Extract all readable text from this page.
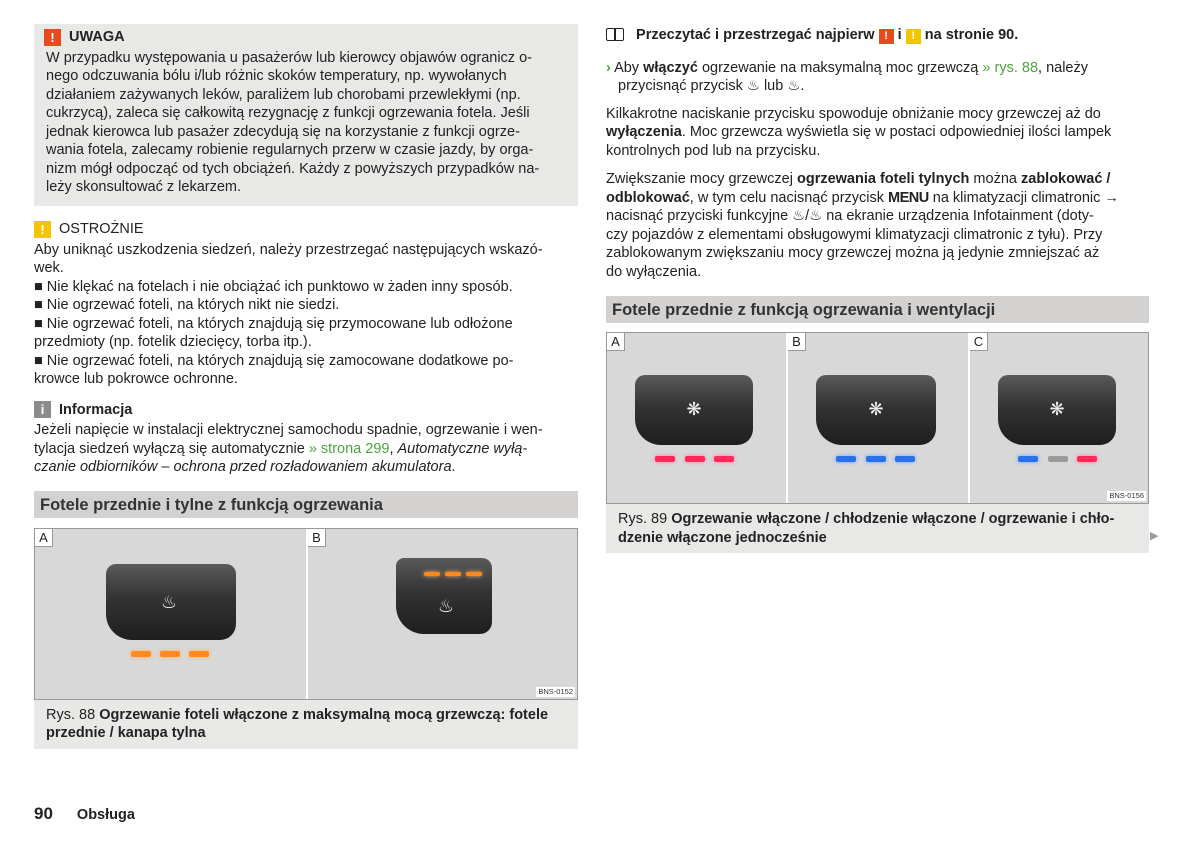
! UWAGA
W przypadku występowania u pasażerów lub kierowcy objawów ogranicz o-
nego odczuwania bólu i/lub różnic skoków temperatury, np. wywołanych
działaniem zażywanych leków, paraliżem lub chorobami przewlekłymi (np.
cukrzycą), zaleca się całkowitą rezygnację z funkcji ogrzewania fotela. Jeśli
jednak kierowca lub pasażer zdecydują się na korzystanie z funkcji ogrze-
wania fotela, zalecamy robienie regularnych przerw w czasie jazdy, by orga-
nizm mógł odpocząć od tych obciążeń. Każdy z powyższych przypadków na-
leży skonsultować z lekarzem.
! OSTROŻNIE
Aby uniknąć uszkodzenia siedzeń, należy przestrzegać następujących wskazó-
wek.
■ Nie klękać na fotelach i nie obciążać ich punktowo w żaden inny sposób.
■ Nie ogrzewać foteli, na których nikt nie siedzi.
■ Nie ogrzewać foteli, na których znajdują się przymocowane lub odłożone
przedmioty (np. fotelik dziecięcy, torba itp.).
■ Nie ogrzewać foteli, na których znajdują się zamocowane dodatkowe po-
krowce lub pokrowce ochronne.
i	Informacja
Jeżeli napięcie w instalacji elektrycznej samochodu spadnie, ogrzewanie i wen-
tylacja siedzeń wyłączą się automatycznie » strona 299, Automatyczne wyłą-
czanie odbiorników – ochrona przed rozładowaniem akumulatora.
Fotele przednie i tylne z funkcją ogrzewania
A
♨
B
♨
BNS-0152
Rys. 88 Ogrzewanie foteli włączone z maksymalną mocą grzewczą: fotele przednie / kanapa tylna
Przeczytać i przestrzegać najpierw ! i ! na stronie 90.
› Aby włączyć ogrzewanie na maksymalną moc grzewczą » rys. 88, należy
przycisnąć przycisk ♨ lub ♨.
Kilkakrotne naciskanie przycisku spowoduje obniżanie mocy grzewczej aż do
wyłączenia. Moc grzewcza wyświetla się w postaci odpowiedniej ilości lampek
kontrolnych pod lub na przycisku.
Zwiększanie mocy grzewczej ogrzewania foteli tylnych można zablokować /
odblokować, w tym celu nacisnąć przycisk MENU na klimatyzacji climatronic →
nacisnąć przyciski funkcyjne ♨/♨ na ekranie urządzenia Infotainment (doty-
czy pojazdów z elementami obsługowymi klimatyzacji climatronic z tyłu). Przy
zablokowanym zwiększaniu mocy grzewczej można ją jedynie zmniejszać aż
do wyłączenia.
Fotele przednie z funkcją ogrzewania i wentylacji
A
❋
B
❋
C
❋
BNS-0156
Rys. 89 Ogrzewanie włączone / chłodzenie włączone / ogrzewanie i chło-dzenie włączone jednocześnie	▶
90 Obsługa
